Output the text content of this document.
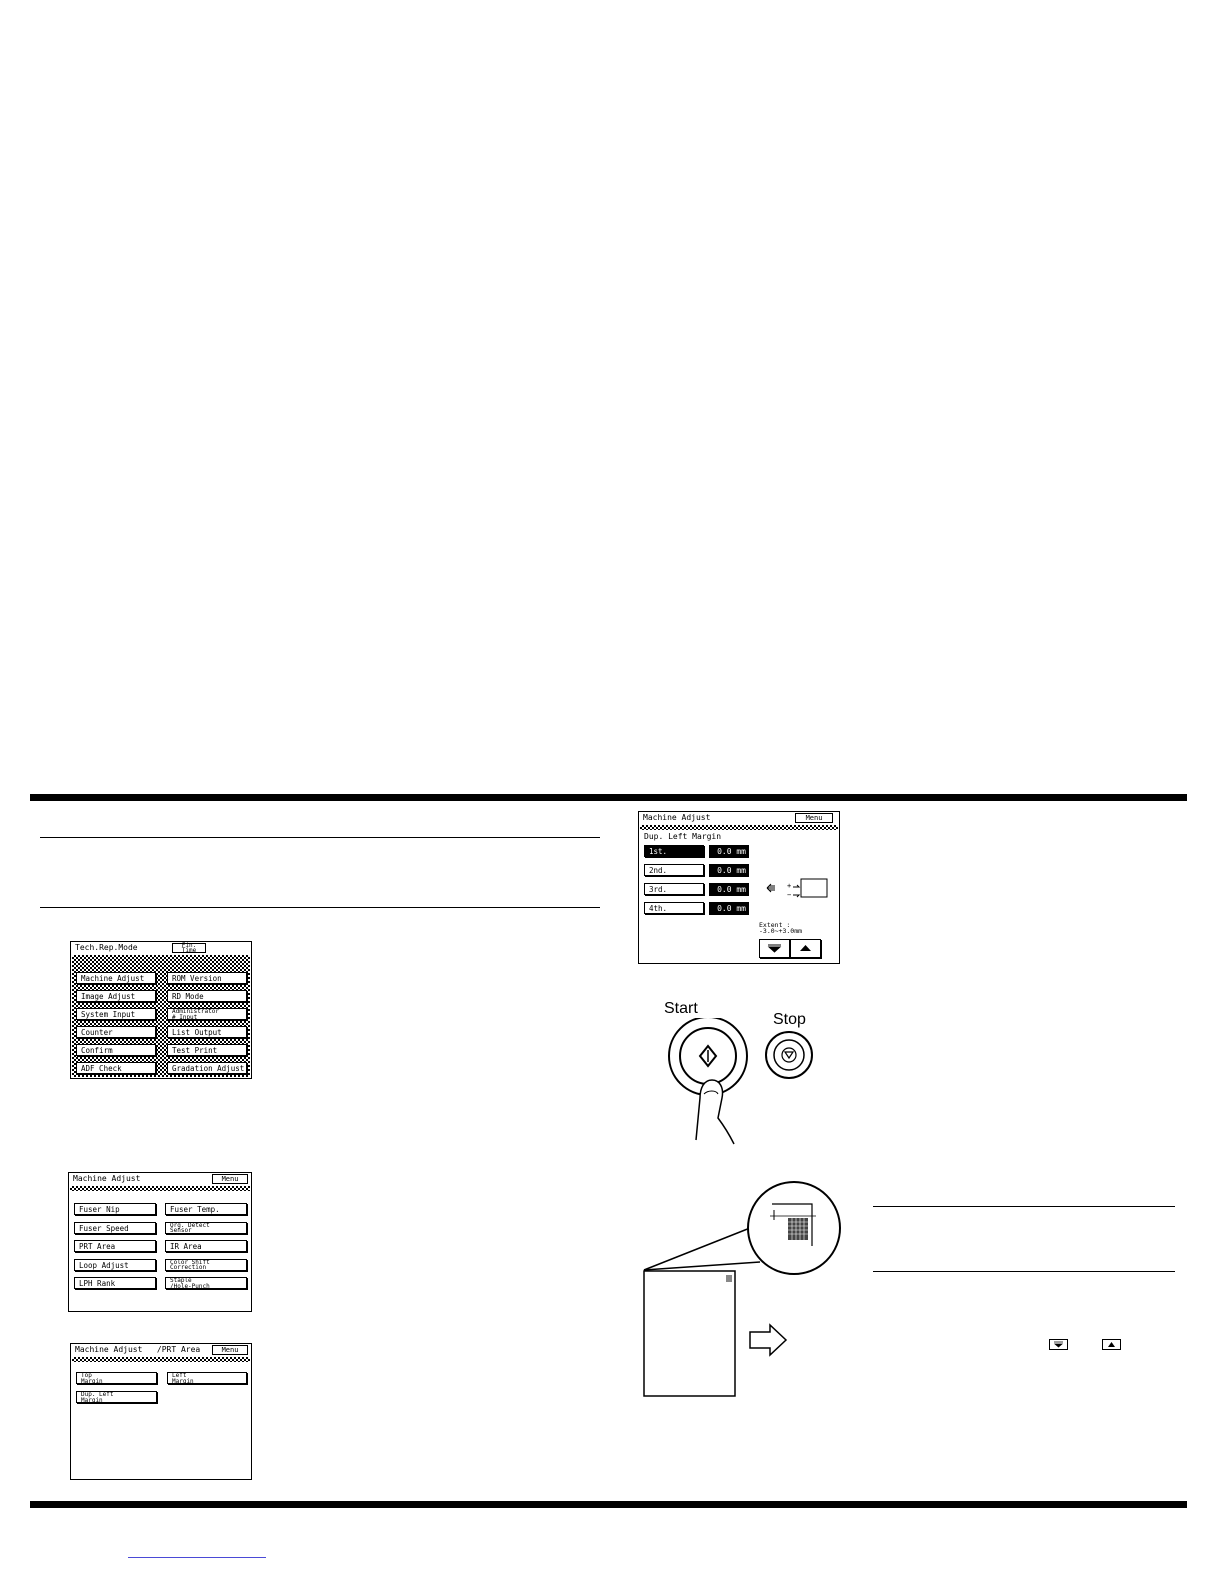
Tech.Rep.Mode	Fin.
Time
Machine Adjust
Image Adjust
System Input
Counter
Confirm
ADF Check
ROM Version
RD Mode
Administrator
# Input
List Output
Test Print
Gradation Adjust
Machine Adjust	Menu
Fuser Nip
Fuser Speed
PRT Area
Loop Adjust
LPH Rank
Fuser Temp.
Org. Detect
Sensor
IR Area
Color Shift
Correction
Staple
/Hole-Punch
Machine Adjust   /PRT Area	Menu
Top
Margin
Left
Margin
Dup. Left
Margin
Machine Adjust	Menu
Dup. Left Margin
1st.	0.0 mm
2nd.	0.0 mm
3rd.	0.0 mm
4th.	0.0 mm
+
−
Extent :
-3.0~+3.0mm
Start
Stop
